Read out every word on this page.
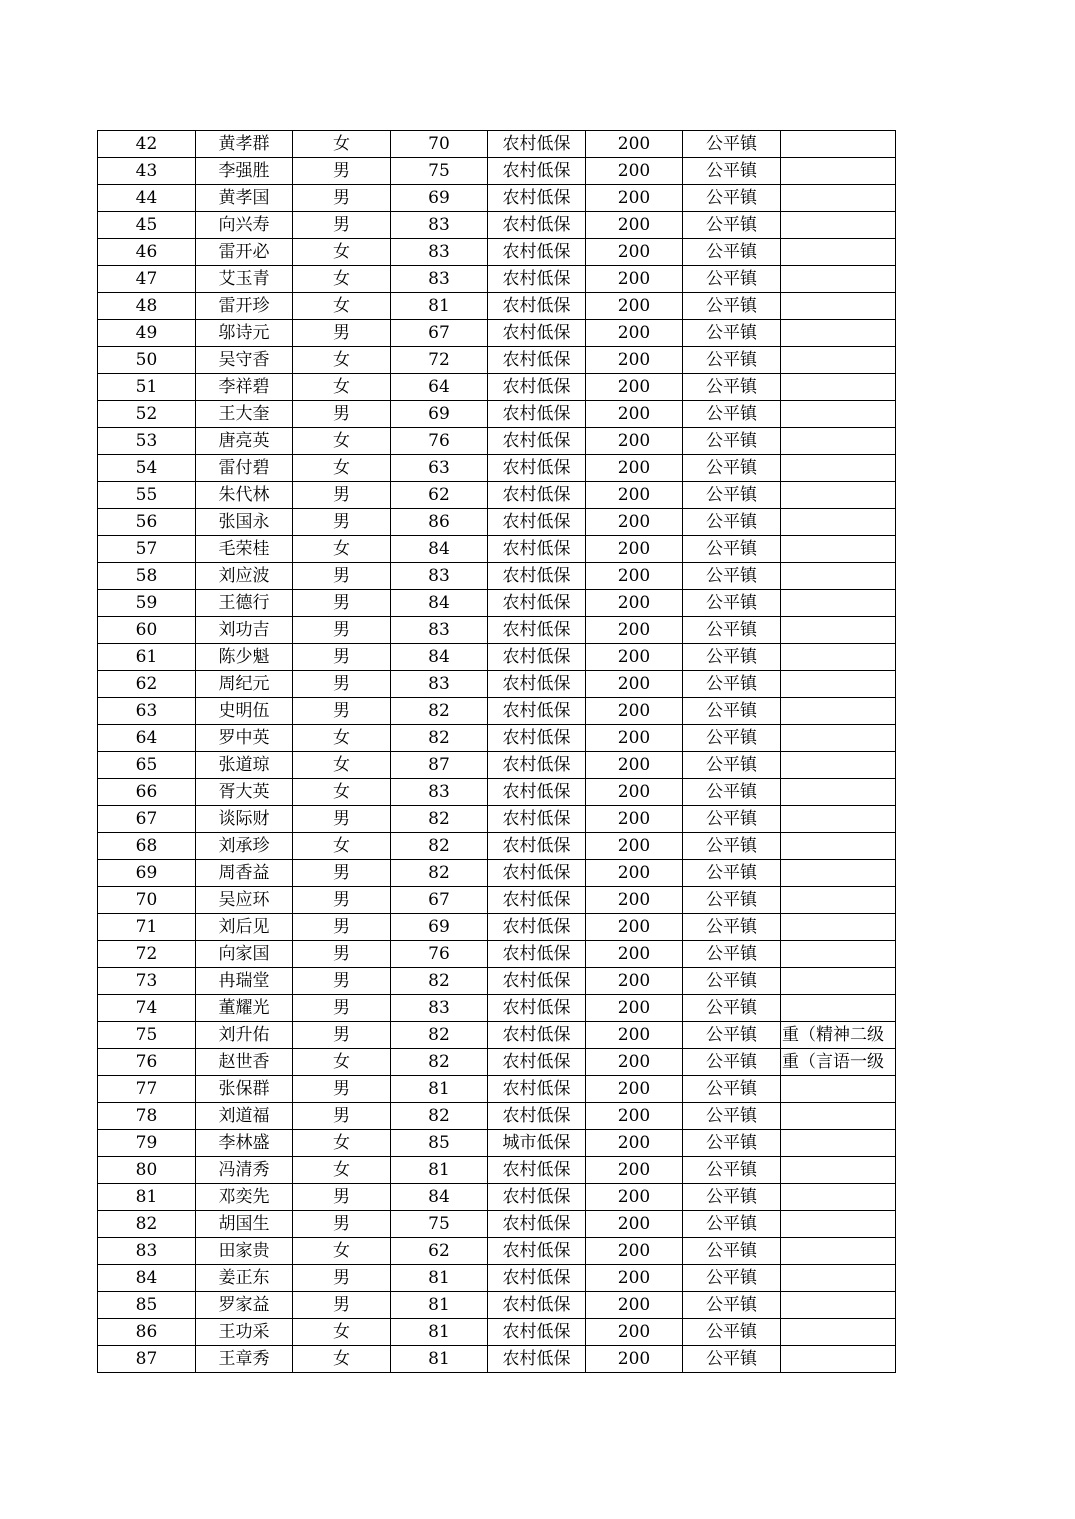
42	黄孝群	女	70	农村低保	200	公平镇	
43	李强胜	男	75	农村低保	200	公平镇	
44	黄孝国	男	69	农村低保	200	公平镇	
45	向兴寿	男	83	农村低保	200	公平镇	
46	雷开必	女	83	农村低保	200	公平镇	
47	艾玉青	女	83	农村低保	200	公平镇	
48	雷开珍	女	81	农村低保	200	公平镇	
49	邬诗元	男	67	农村低保	200	公平镇	
50	吴守香	女	72	农村低保	200	公平镇	
51	李祥碧	女	64	农村低保	200	公平镇	
52	王大奎	男	69	农村低保	200	公平镇	
53	唐亮英	女	76	农村低保	200	公平镇	
54	雷付碧	女	63	农村低保	200	公平镇	
55	朱代林	男	62	农村低保	200	公平镇	
56	张国永	男	86	农村低保	200	公平镇	
57	毛荣桂	女	84	农村低保	200	公平镇	
58	刘应波	男	83	农村低保	200	公平镇	
59	王德行	男	84	农村低保	200	公平镇	
60	刘功吉	男	83	农村低保	200	公平镇	
61	陈少魁	男	84	农村低保	200	公平镇	
62	周纪元	男	83	农村低保	200	公平镇	
63	史明伍	男	82	农村低保	200	公平镇	
64	罗中英	女	82	农村低保	200	公平镇	
65	张道琼	女	87	农村低保	200	公平镇	
66	胥大英	女	83	农村低保	200	公平镇	
67	谈际财	男	82	农村低保	200	公平镇	
68	刘承珍	女	82	农村低保	200	公平镇	
69	周香益	男	82	农村低保	200	公平镇	
70	吴应环	男	67	农村低保	200	公平镇	
71	刘后见	男	69	农村低保	200	公平镇	
72	向家国	男	76	农村低保	200	公平镇	
73	冉瑞堂	男	82	农村低保	200	公平镇	
74	董耀光	男	83	农村低保	200	公平镇	
75	刘升佑	男	82	农村低保	200	公平镇	重（精神二级
76	赵世香	女	82	农村低保	200	公平镇	重（言语一级
77	张保群	男	81	农村低保	200	公平镇	
78	刘道福	男	82	农村低保	200	公平镇	
79	李林盛	女	85	城市低保	200	公平镇	
80	冯清秀	女	81	农村低保	200	公平镇	
81	邓奕先	男	84	农村低保	200	公平镇	
82	胡国生	男	75	农村低保	200	公平镇	
83	田家贵	女	62	农村低保	200	公平镇	
84	姜正东	男	81	农村低保	200	公平镇	
85	罗家益	男	81	农村低保	200	公平镇	
86	王功采	女	81	农村低保	200	公平镇	
87	王章秀	女	81	农村低保	200	公平镇	
